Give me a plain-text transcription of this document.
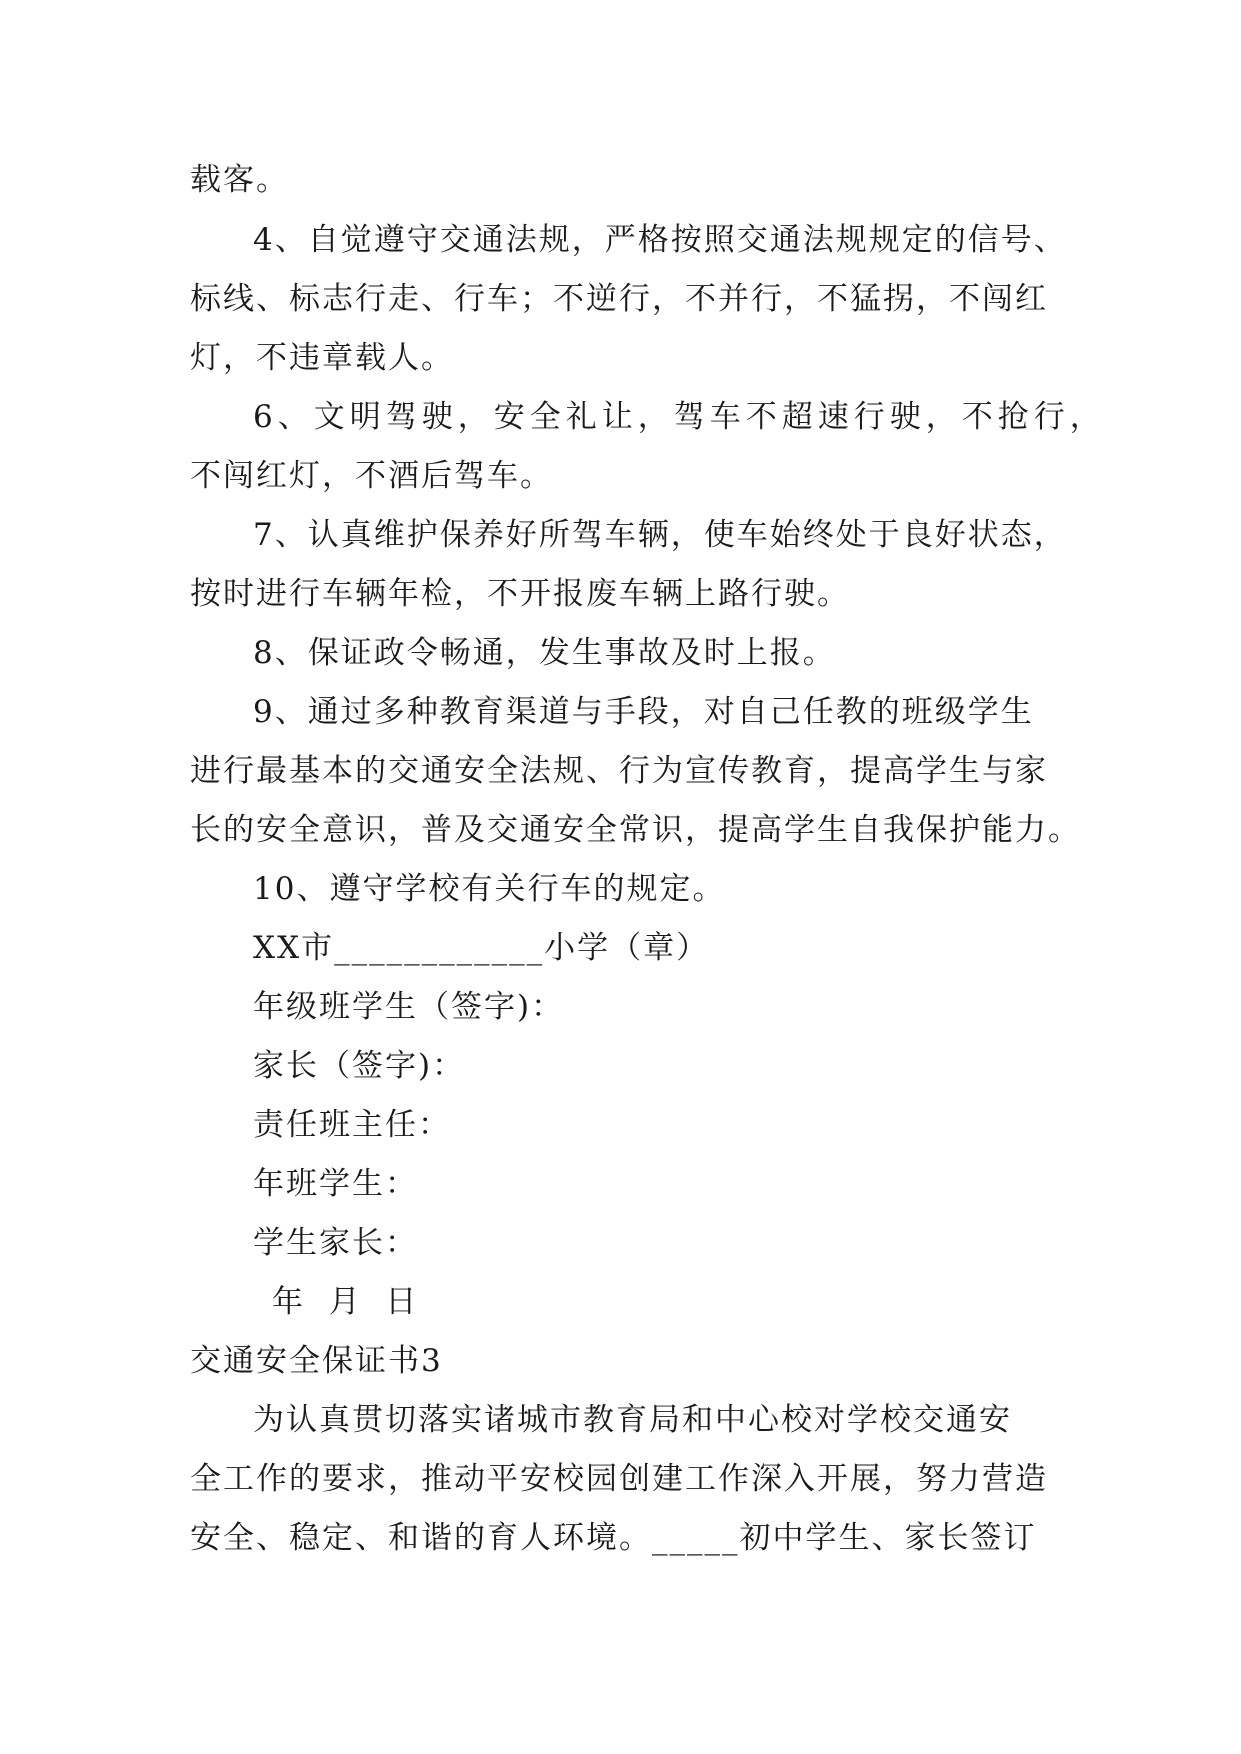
载客。
4、自觉遵守交通法规，严格按照交通法规规定的信号、
标线、标志行走、行车；不逆行，不并行，不猛拐，不闯红
灯，不违章载人。
6、文明驾驶，安全礼让，驾车不超速行驶，不抢行，
不闯红灯，不酒后驾车。
7、认真维护保养好所驾车辆，使车始终处于良好状态，
按时进行车辆年检，不开报废车辆上路行驶。
8、保证政令畅通，发生事故及时上报。
9、通过多种教育渠道与手段，对自己任教的班级学生
进行最基本的交通安全法规、行为宣传教育，提高学生与家
长的安全意识，普及交通安全常识，提高学生自我保护能力。
10、遵守学校有关行车的规定。
XX市____________小学（章）
年级班学生（签字)：
家长（签字)：
责任班主任：
年班学生：
学生家长：
年  月  日
交通安全保证书3
为认真贯切落实诸城市教育局和中心校对学校交通安
全工作的要求，推动平安校园创建工作深入开展，努力营造
安全、稳定、和谐的育人环境。_____初中学生、家长签订
